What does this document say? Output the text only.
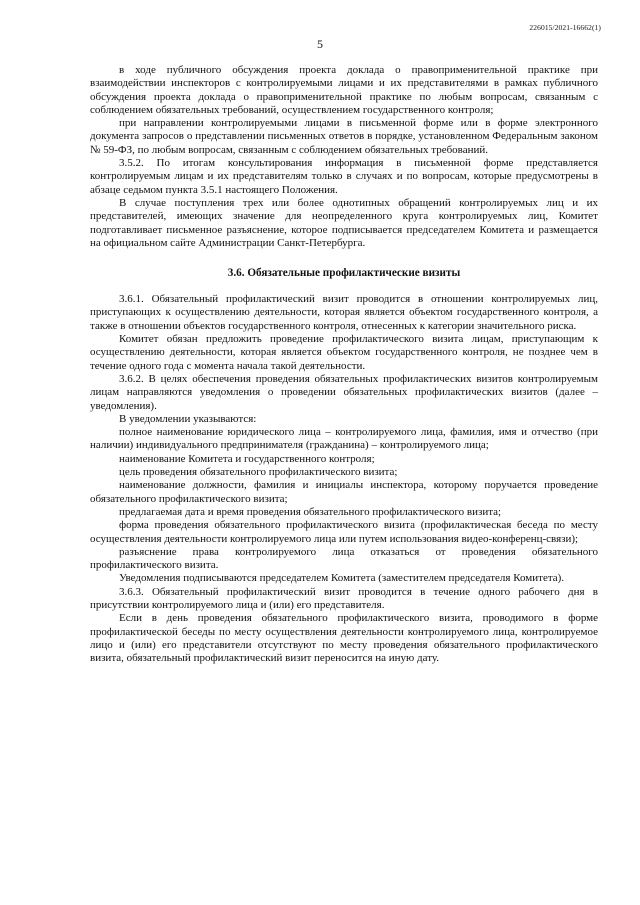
226015/2021-16662(1)
5

в ходе публичного обсуждения проекта доклада о правоприменительной практике при взаимодействии инспекторов с контролируемыми лицами и их представителями в рамках публичного обсуждения проекта доклада о правоприменительной практике по любым вопросам, связанным с соблюдением обязательных требований, осуществлением государственного контроля;

при направлении контролируемыми лицами в письменной форме или в форме электронного документа запросов о представлении письменных ответов в порядке, установленном Федеральным законом № 59-ФЗ, по любым вопросам, связанным с соблюдением обязательных требований.

3.5.2. По итогам консультирования информация в письменной форме представляется контролируемым лицам и их представителям только в случаях и по вопросам, которые предусмотрены в абзаце седьмом пункта 3.5.1 настоящего Положения.

В случае поступления трех или более однотипных обращений контролируемых лиц и их представителей, имеющих значение для неопределенного круга контролируемых лиц, Комитет подготавливает письменное разъяснение, которое подписывается председателем Комитета и размещается на официальном сайте Администрации Санкт-Петербурга.

3.6. Обязательные профилактические визиты

3.6.1. Обязательный профилактический визит проводится в отношении контролируемых лиц, приступающих к осуществлению деятельности, которая является объектом государственного контроля, а также в отношении объектов государственного контроля, отнесенных к категории значительного риска.

Комитет обязан предложить проведение профилактического визита лицам, приступающим к осуществлению деятельности, которая является объектом государственного контроля, не позднее чем в течение одного года с момента начала такой деятельности.

3.6.2. В целях обеспечения проведения обязательных профилактических визитов контролируемым лицам направляются уведомления о проведении обязательных профилактических визитов (далее – уведомления).

В уведомлении указываются:

полное наименование юридического лица – контролируемого лица, фамилия, имя и отчество (при наличии) индивидуального предпринимателя (гражданина) – контролируемого лица;

наименование Комитета и государственного контроля;

цель проведения обязательного профилактического визита;

наименование должности, фамилия и инициалы инспектора, которому поручается проведение обязательного профилактического визита;

предлагаемая дата и время проведения обязательного профилактического визита;

форма проведения обязательного профилактического визита (профилактическая беседа по месту осуществления деятельности контролируемого лица или путем использования видео-конференц-связи);

разъяснение права контролируемого лица отказаться от проведения обязательного профилактического визита.

Уведомления подписываются председателем Комитета (заместителем председателя Комитета).

3.6.3. Обязательный профилактический визит проводится в течение одного рабочего дня в присутствии контролируемого лица и (или) его представителя.

Если в день проведения обязательного профилактического визита, проводимого в форме профилактической беседы по месту осуществления деятельности контролируемого лица, контролируемое лицо и (или) его представители отсутствуют по месту проведения обязательного профилактического визита, обязательный профилактический визит переносится на иную дату.
